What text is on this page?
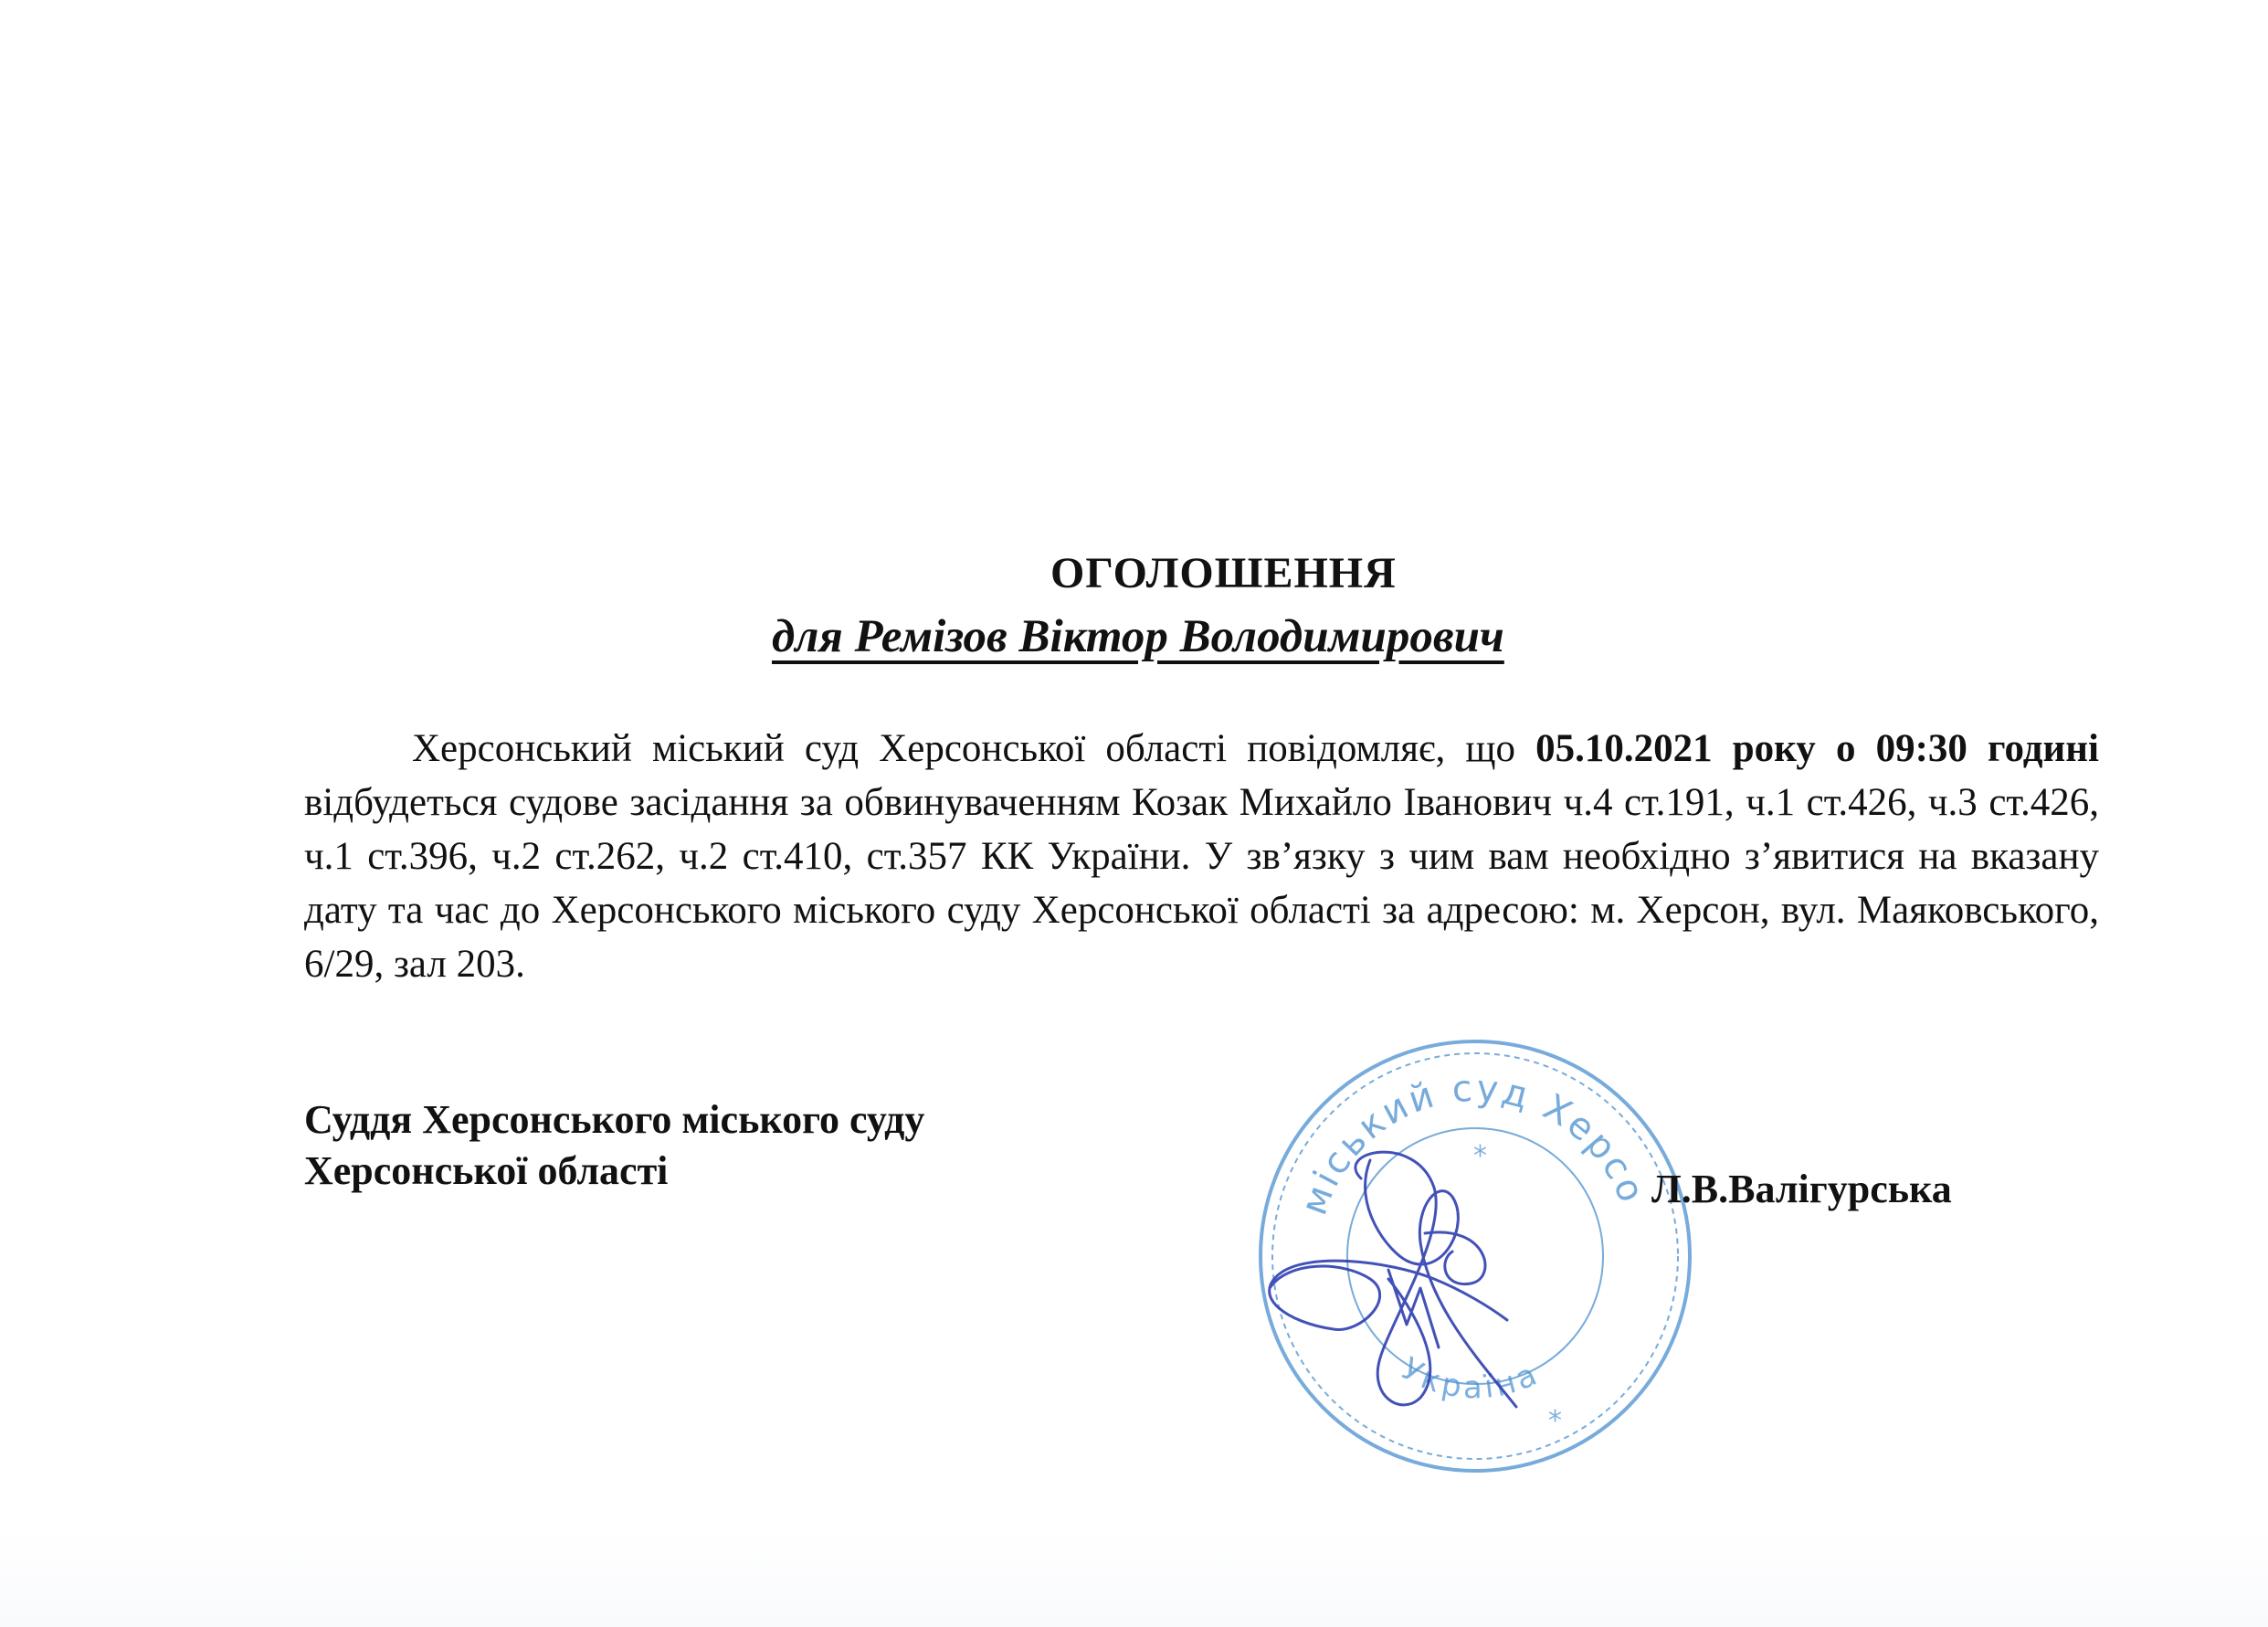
ОГОЛОШЕННЯ
для Ремізов Віктор Володимирович
Херсонський міський суд Херсонської області повідомляє, що 05.10.2021 року о 09:30 годині відбудеться судове засідання за обвинуваченням Козак Михайло Іванович ч.4 ст.191, ч.1 ст.426, ч.3 ст.426, ч.1 ст.396, ч.2 ст.262, ч.2 ст.410, ст.357 КК України. У зв’язку з чим вам необхідно з’явитися на вказану дату та час до Херсонського міського суду Херсонської області за адресою: м. Херсон, вул. Маяковського, 6/29, зал 203.
Суддя Херсонського міського суду
Херсонської області
міський суд Херсо
Україна
*
*
Л.В.Валігурська
